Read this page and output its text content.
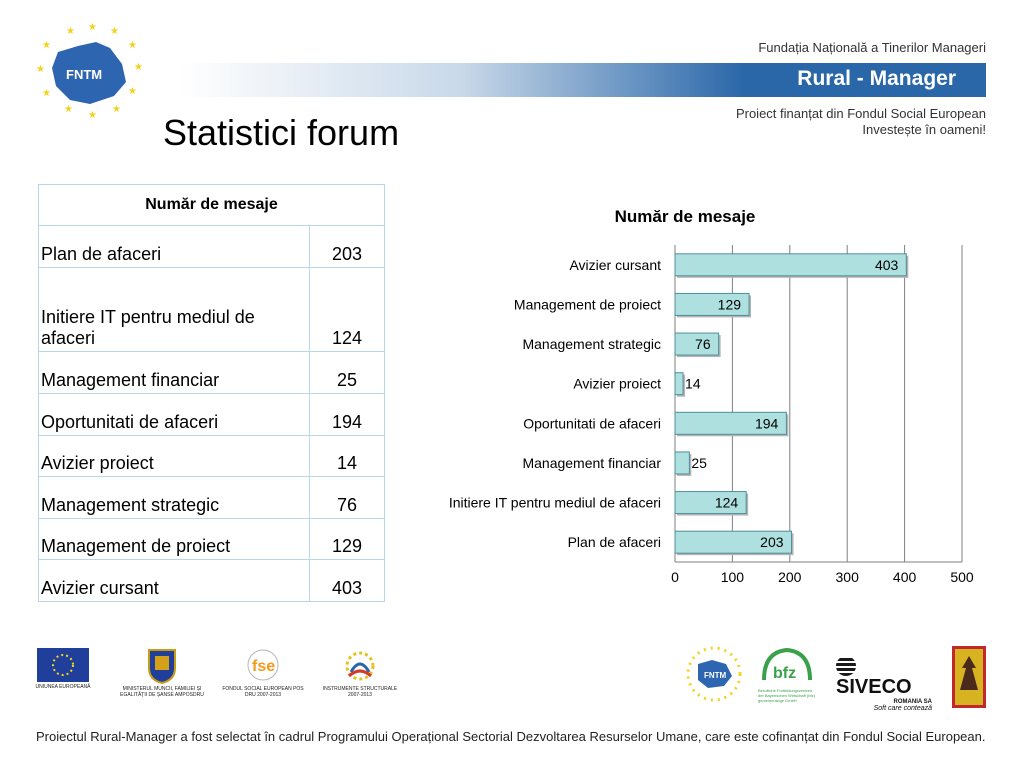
★ ★ ★
★
★
★
★
★
★
★
★
★
FNTM
Fundația Națională a Tinerilor Manageri
Rural - Manager
Proiect finanțat din Fondul Social European
Investește în oameni!
Statistici forum
Număr de mesaje	
Plan de afaceri	203
Initiere IT pentru mediul de afaceri	124
Management financiar	25
Oportunitati de afaceri	194
Avizier proiect	14
Management strategic	76
Management de proiect	129
Avizier cursant	403
Număr de mesaje
0	100 200 300 400 500
Avizier cursant	403
Management de proiect	129
Management strategic 76
Avizier proiect 14
Oportunitati de afaceri	194
Management financiar 25
Initiere IT pentru mediul de afaceri	124
Plan de afaceri	203
UNIUNEA EUROPEANĂ	MINISTERUL MUNCII, FAMILIEI ȘI EGALITĂȚII DE ȘANSE AMPOSDRU
fse
FONDUL SOCIAL EUROPEAN POS DRU 2007-2013
INSTRUMENTE STRUCTURALE 2007-2013
FNTM	bfz
Berufliche Fortbildungszentren der Bayerischen Wirtschaft (bfz) gemeinnützige GmbH
SIVECO
ROMANIA SA
Soft care contează
Proiectul Rural-Manager a fost selectat în cadrul Programului Operațional Sectorial Dezvoltarea Resurselor Umane, care este cofinanțat din Fondul Social European.
